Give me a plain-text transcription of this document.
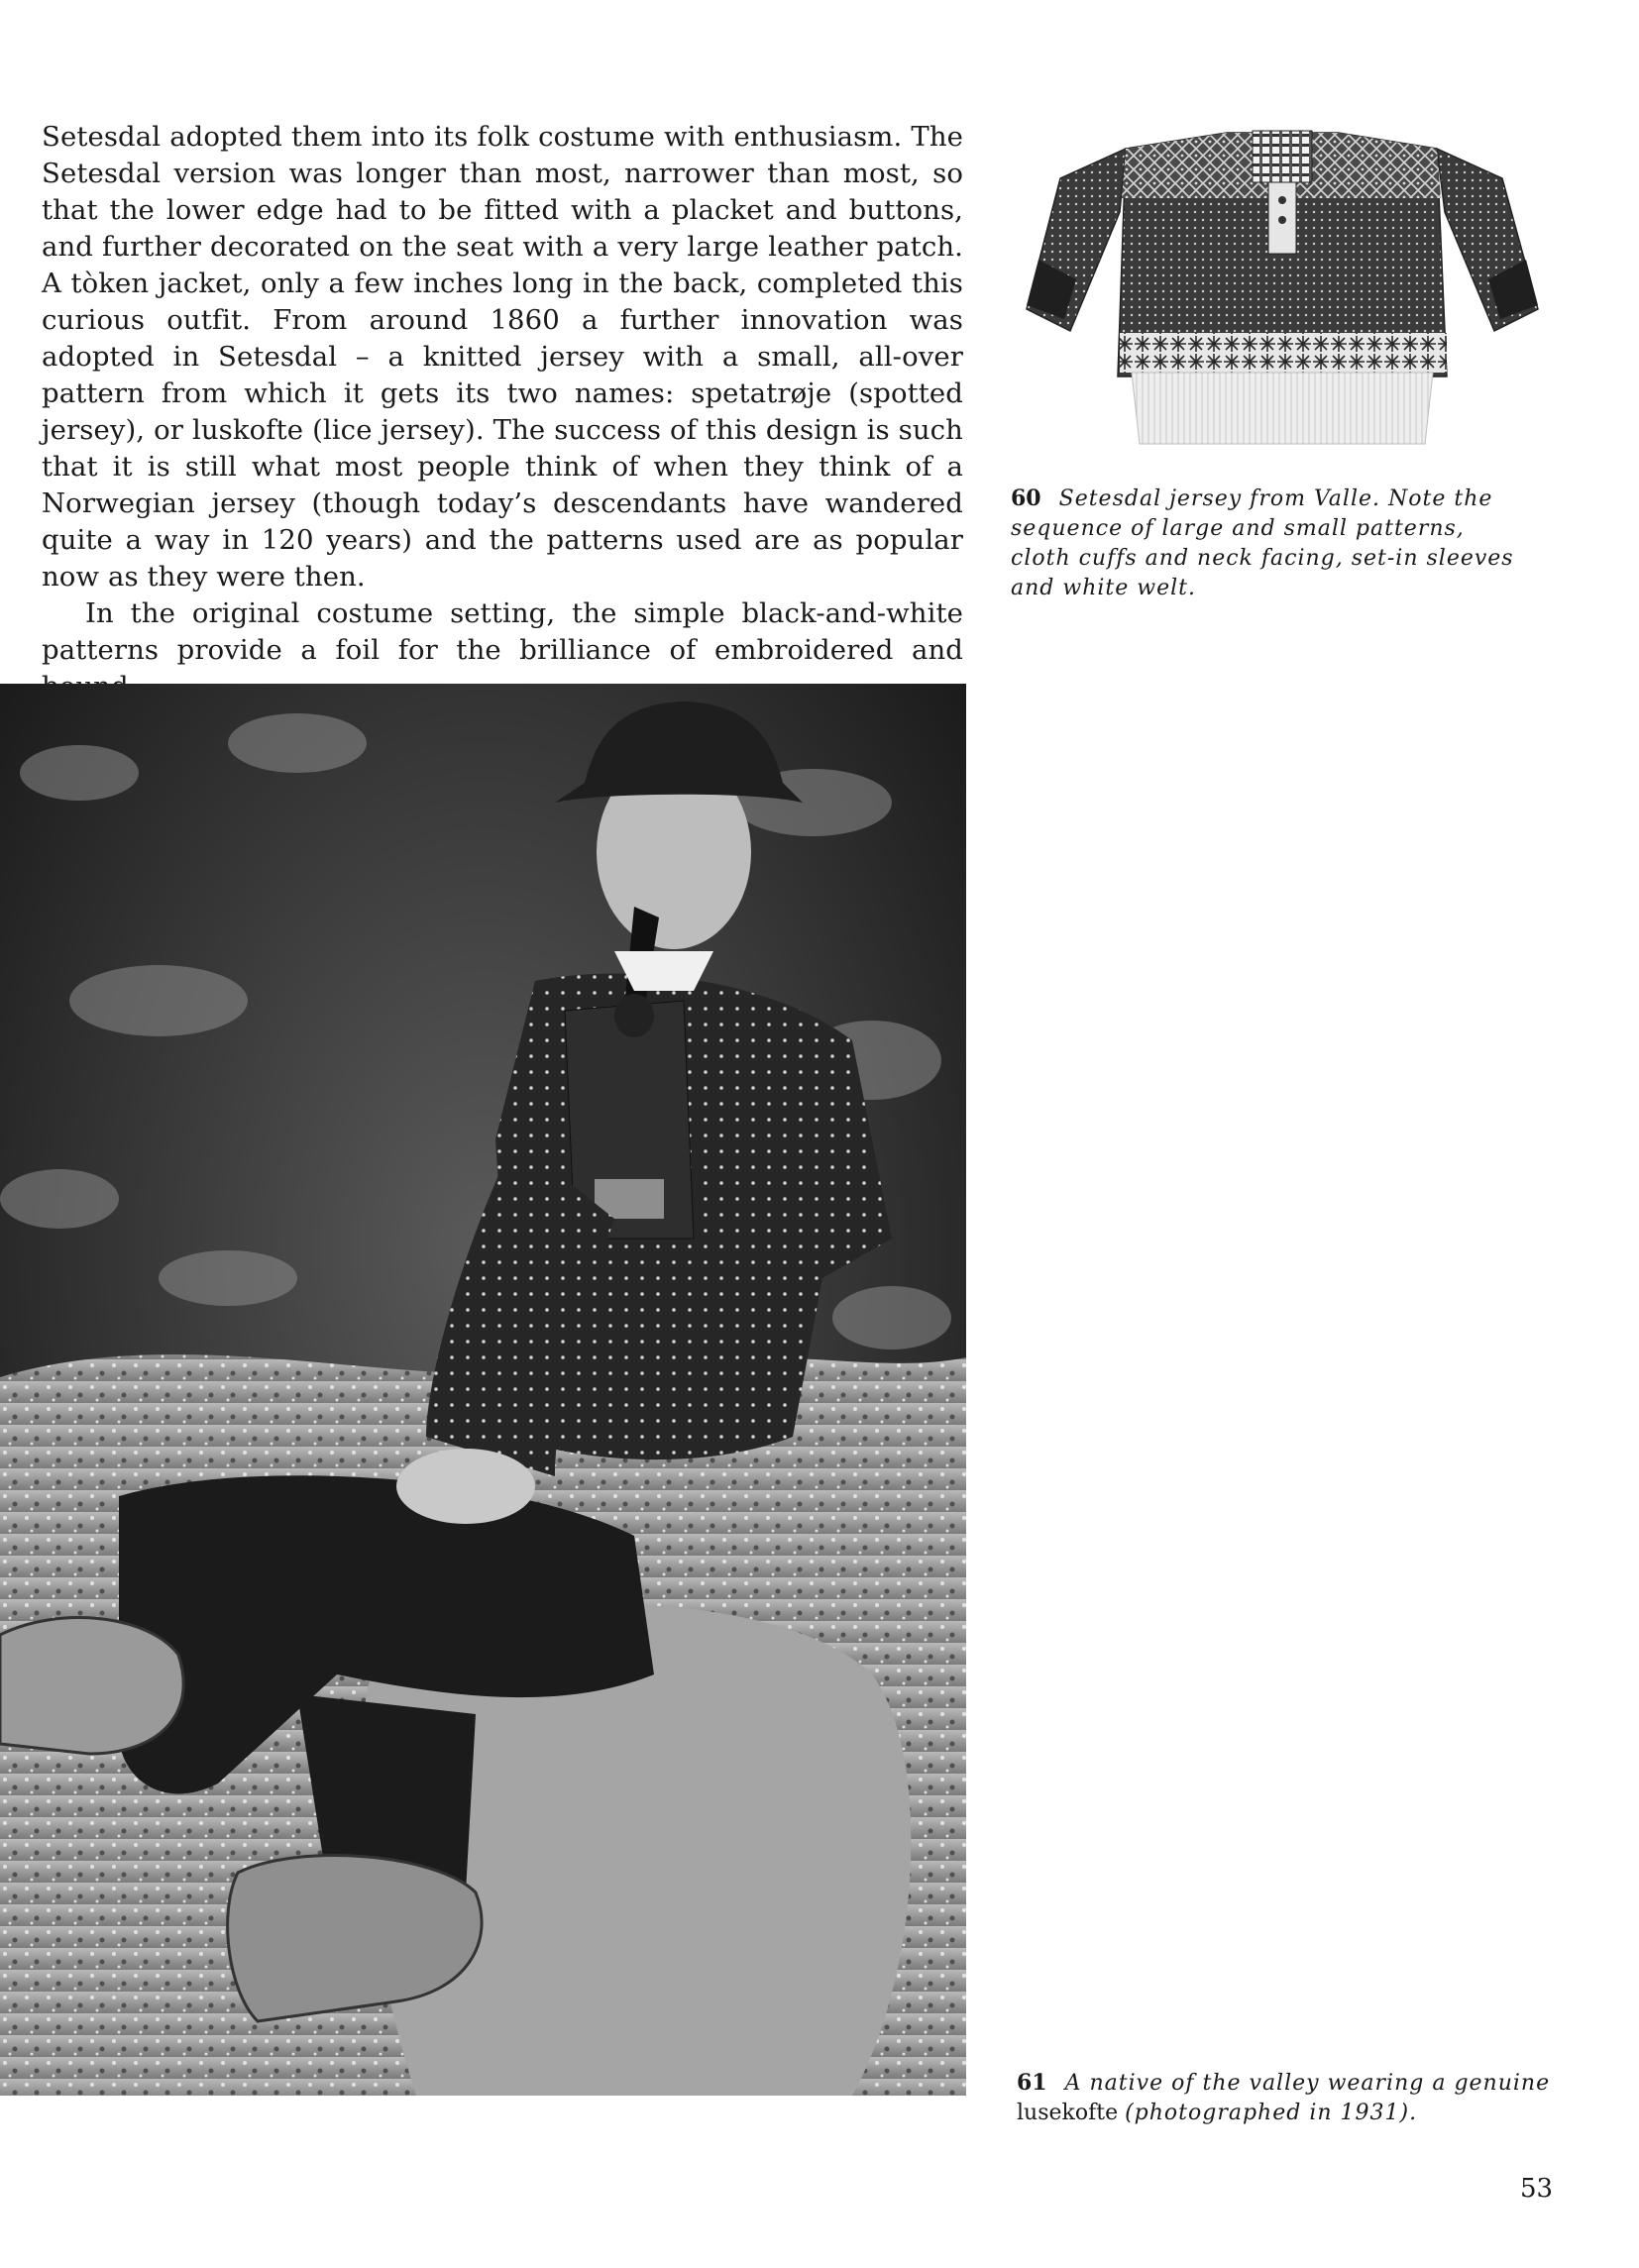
Setesdal adopted them into its folk costume with enthusiasm. The Setesdal version was longer than most, narrower than most, so that the lower edge had to be fitted with a placket and buttons, and further decorated on the seat with a very large leather patch. A tòken jacket, only a few inches long in the back, completed this curious outfit. From around 1860 a further innovation was adopted in Setesdal – a knitted jersey with a small, all-over pattern from which it gets its two names: spetatrøje (spotted jersey), or luskofte (lice jersey). The success of this design is such that it is still what most people think of when they think of a Norwegian jersey (though today’s descendants have wandered quite a way in 120 years) and the patterns used are as popular now as they were then.

In the original costume setting, the simple black-and-white patterns provide a foil for the brilliance of embroidered and

60 Setesdal jersey from Valle. Note the sequence of large and small patterns, cloth cuffs and neck facing, set-in sleeves and white welt.

61 A native of the valley wearing a genuine lusekofte (photographed in 1931).

53
